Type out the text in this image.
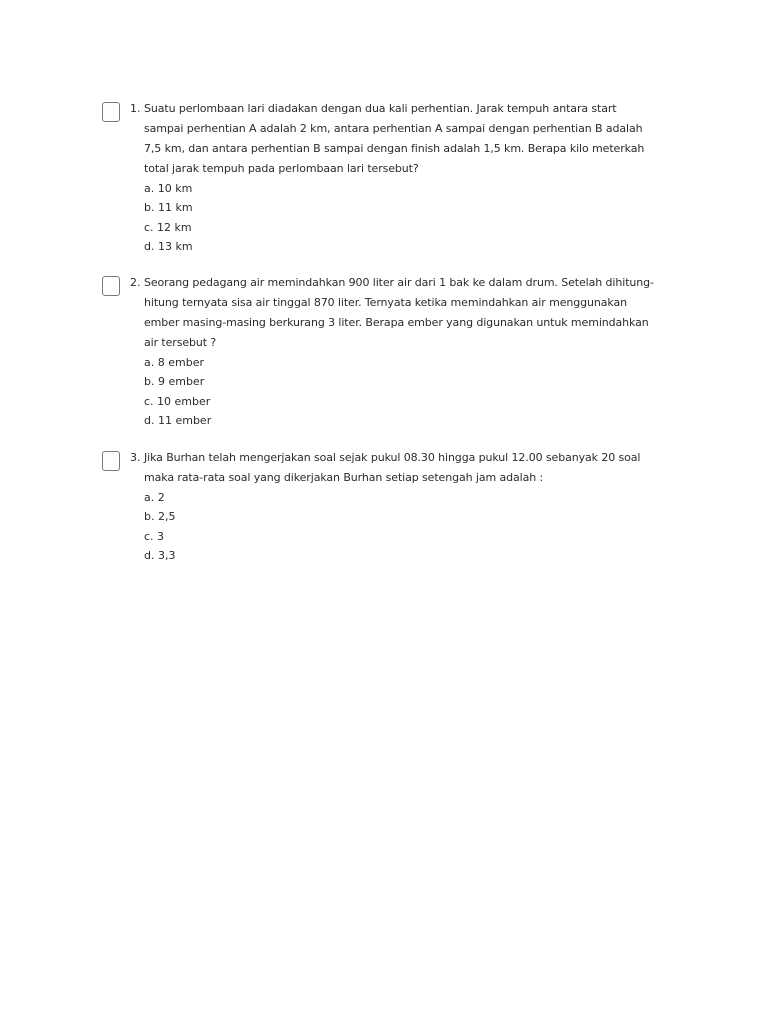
1. Suatu perlombaan lari diadakan dengan dua kali perhentian. Jarak tempuh antara start sampai perhentian A adalah 2 km, antara perhentian A sampai dengan perhentian B adalah 7,5 km, dan antara perhentian B sampai dengan finish adalah 1,5 km. Berapa kilo meterkah total jarak tempuh pada perlombaan lari tersebut?

a. 10 km
b. 11 km
c. 12 km
d. 13 km
2. Seorang pedagang air memindahkan 900 liter air dari 1 bak ke dalam drum. Setelah dihitung-hitung ternyata sisa air tinggal 870 liter. Ternyata ketika memindahkan air menggunakan ember masing-masing berkurang 3 liter. Berapa ember yang digunakan untuk memindahkan air tersebut ?

a. 8 ember
b. 9 ember
c. 10 ember
d. 11 ember
3. Jika Burhan telah mengerjakan soal sejak pukul 08.30 hingga pukul 12.00 sebanyak 20 soal maka rata-rata soal yang dikerjakan Burhan setiap setengah jam adalah :

a. 2
b. 2,5
c. 3
d. 3,3
